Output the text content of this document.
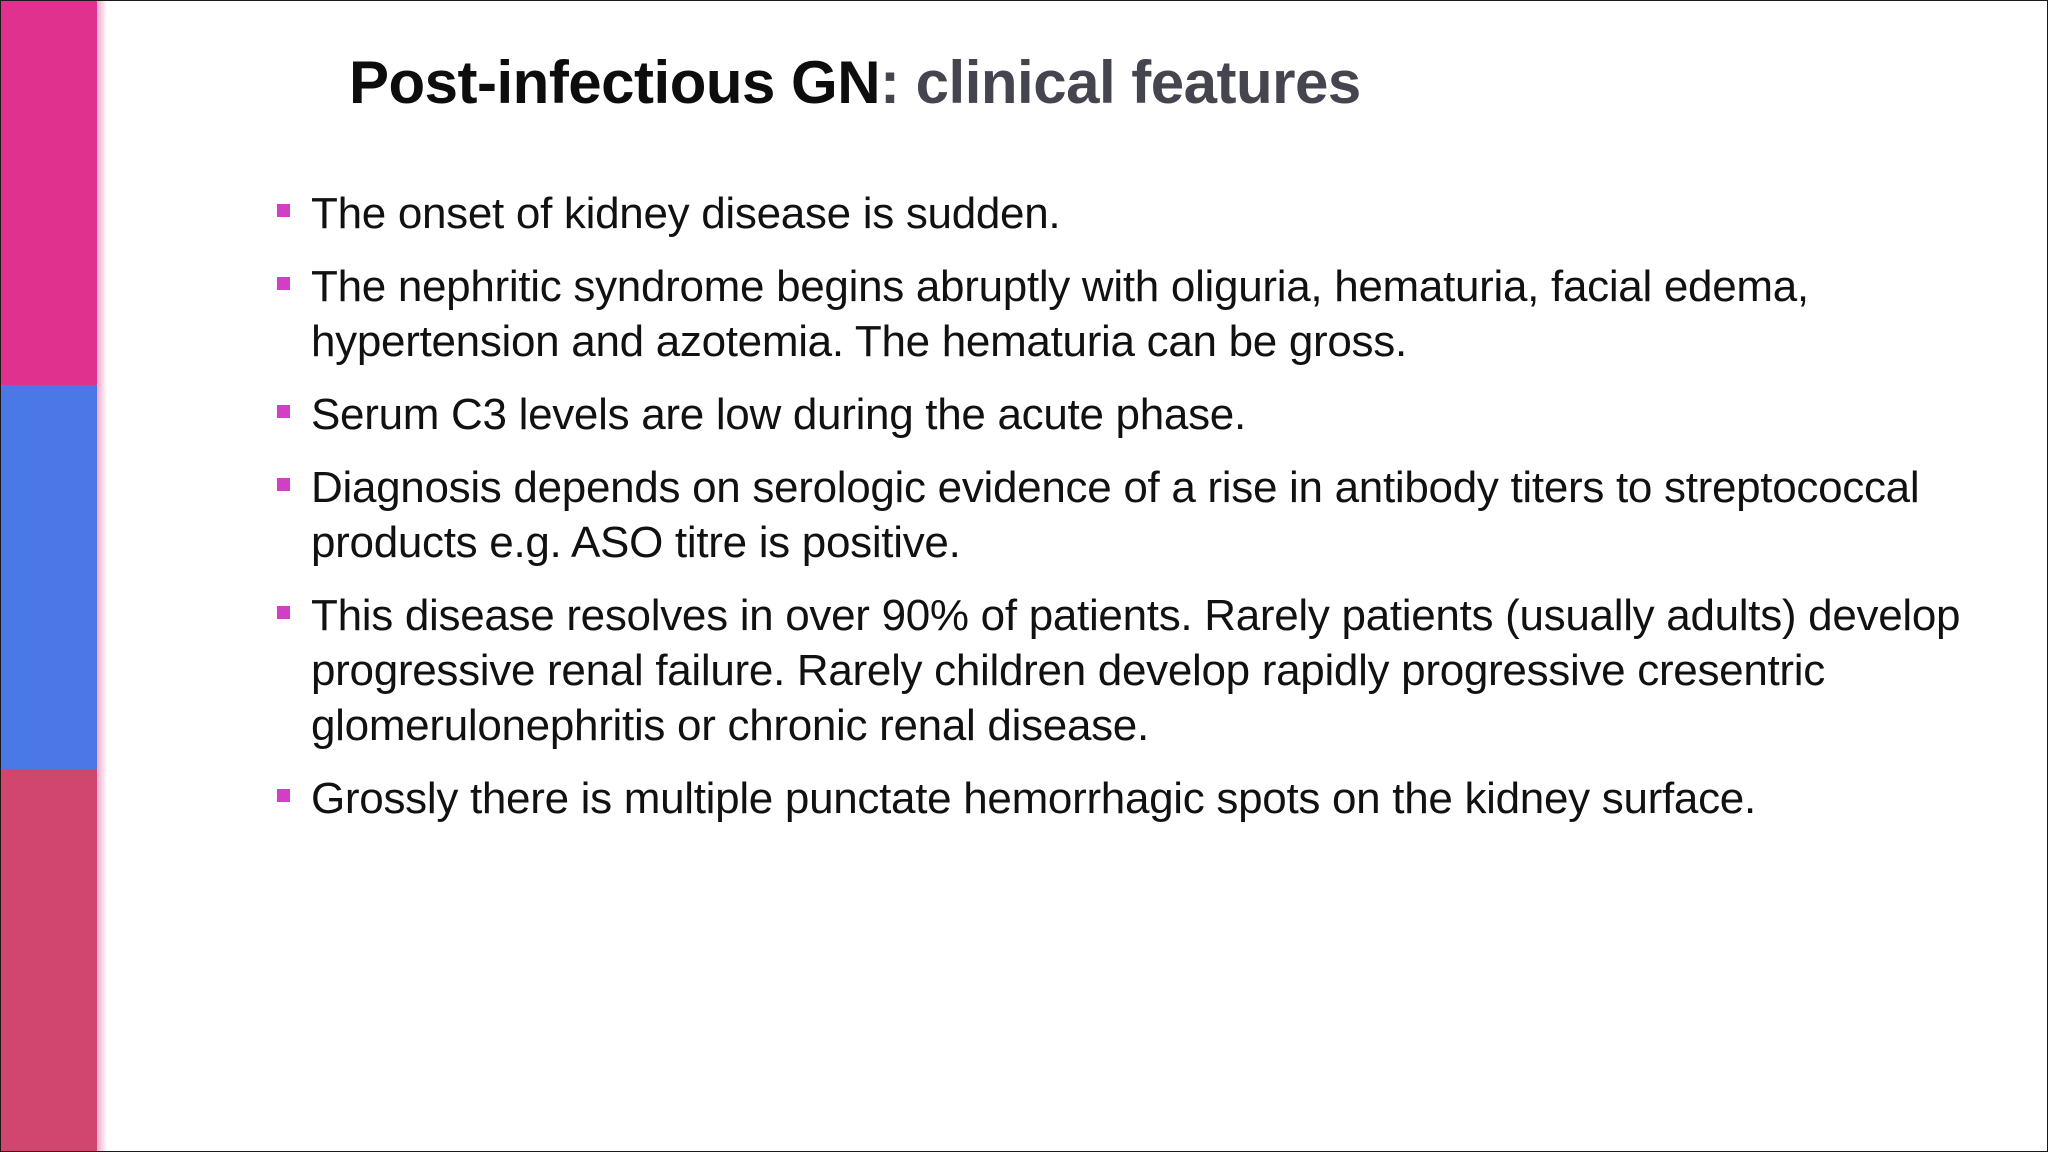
Post-infectious GN: clinical features
The onset of kidney disease is sudden.
The nephritic syndrome begins abruptly with oliguria, hematuria, facial edema, hypertension and azotemia. The hematuria can be gross.
Serum C3 levels are low during the acute phase.
Diagnosis depends on serologic evidence of a rise in antibody titers to streptococcal products e.g. ASO titre is positive.
This disease resolves in over 90% of patients. Rarely patients (usually adults) develop progressive renal failure. Rarely children develop rapidly progressive cresentric glomerulonephritis or chronic renal disease.
Grossly there is multiple punctate hemorrhagic spots on the kidney surface.
